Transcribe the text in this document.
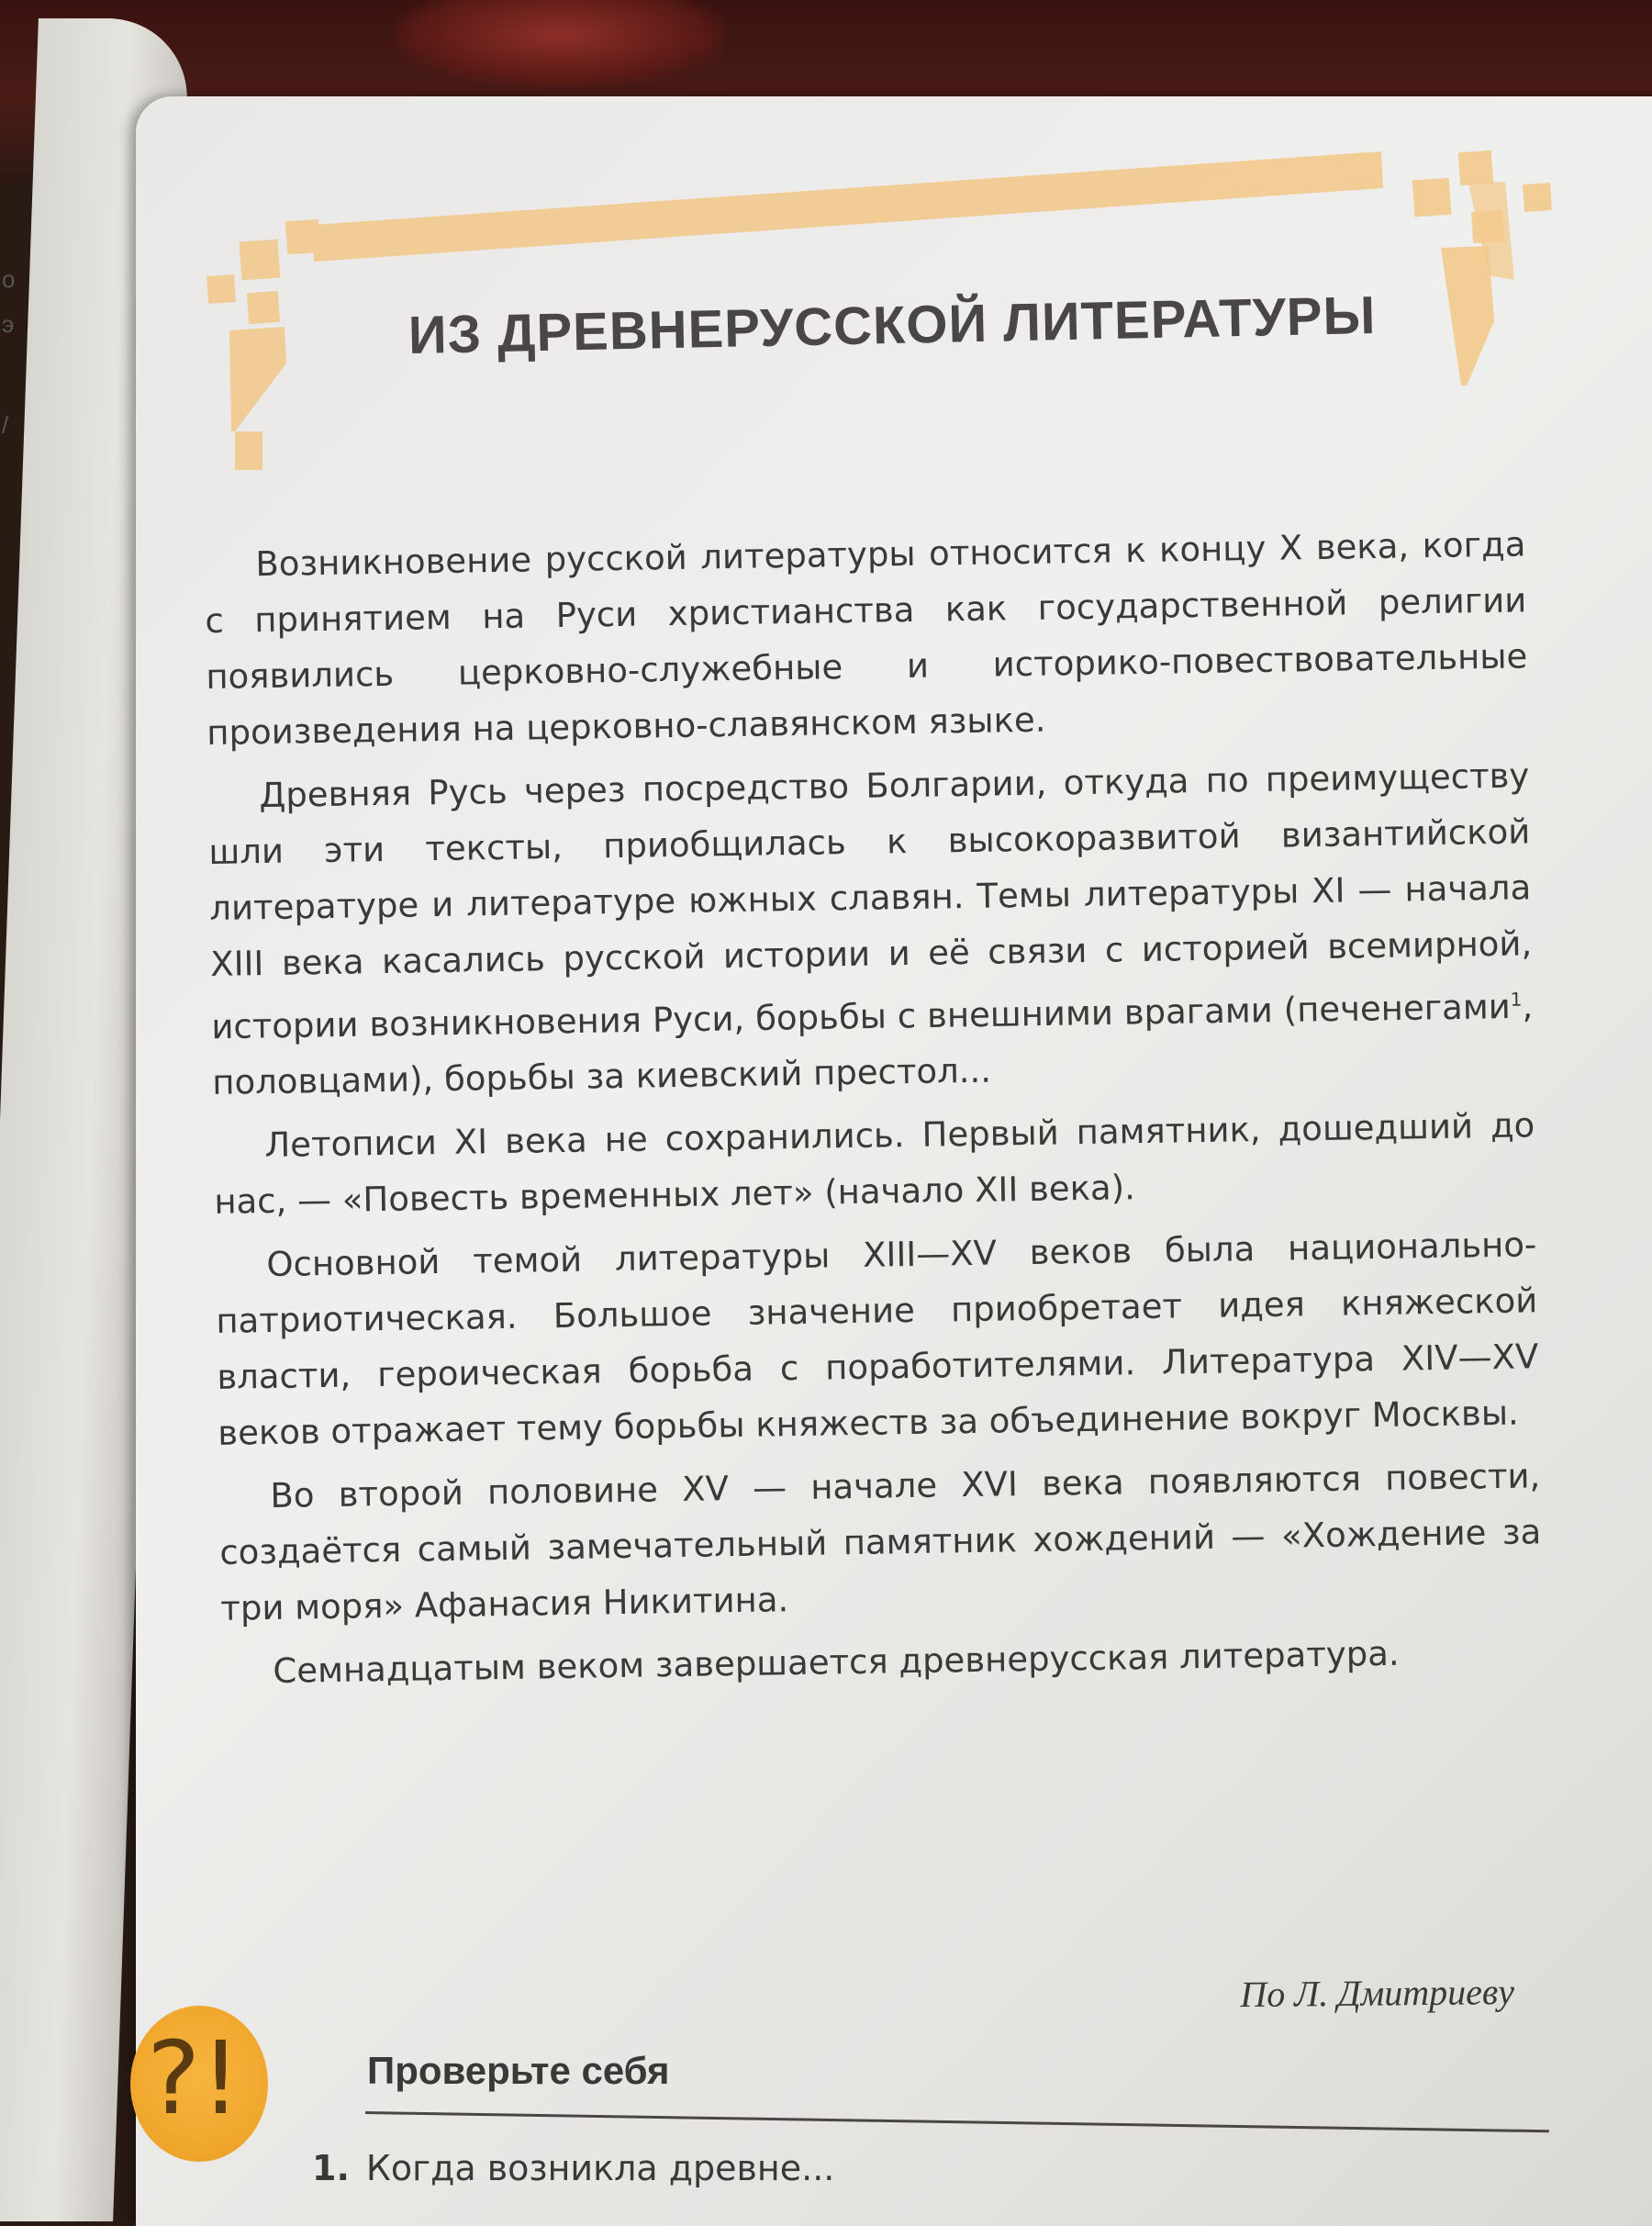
о
э
/
ИЗ ДРЕВНЕРУССКОЙ ЛИТЕРАТУРЫ

Возникновение русской литературы относится к концу X века, когда с принятием на Руси христианства как государственной религии появились церковно-служебные и историко-повествовательные произведения на церковно-славянском языке.

Древняя Русь через посредство Болгарии, откуда по преимуществу шли эти тексты, приобщилась к высокоразвитой византийской литературе и литературе южных славян. Темы литературы XI — начала XIII века касались русской истории и её связи с историей всемирной, истории возникновения Руси, борьбы с внешними врагами (печенегами$^1$, половцами), борьбы за киевский престол...

Летописи XI века не сохранились. Первый памятник, дошедший до нас, — «Повесть временных лет» (начало XII века).

Основной темой литературы XIII—XV веков была национально-патриотическая. Большое значение приобретает идея княжеской власти, героическая борьба с поработителями. Литература XIV—XV веков отражает тему борьбы княжеств за объединение вокруг Москвы.

Во второй половине XV — начале XVI века появляются повести, создаётся самый замечательный памятник хождений — «Хождение за три моря» Афанасия Никитина.

Семнадцатым веком завершается древнерусская литература.

По Л. Дмитриеву
?!	Проверьте себя
1. Когда возникла древне...
